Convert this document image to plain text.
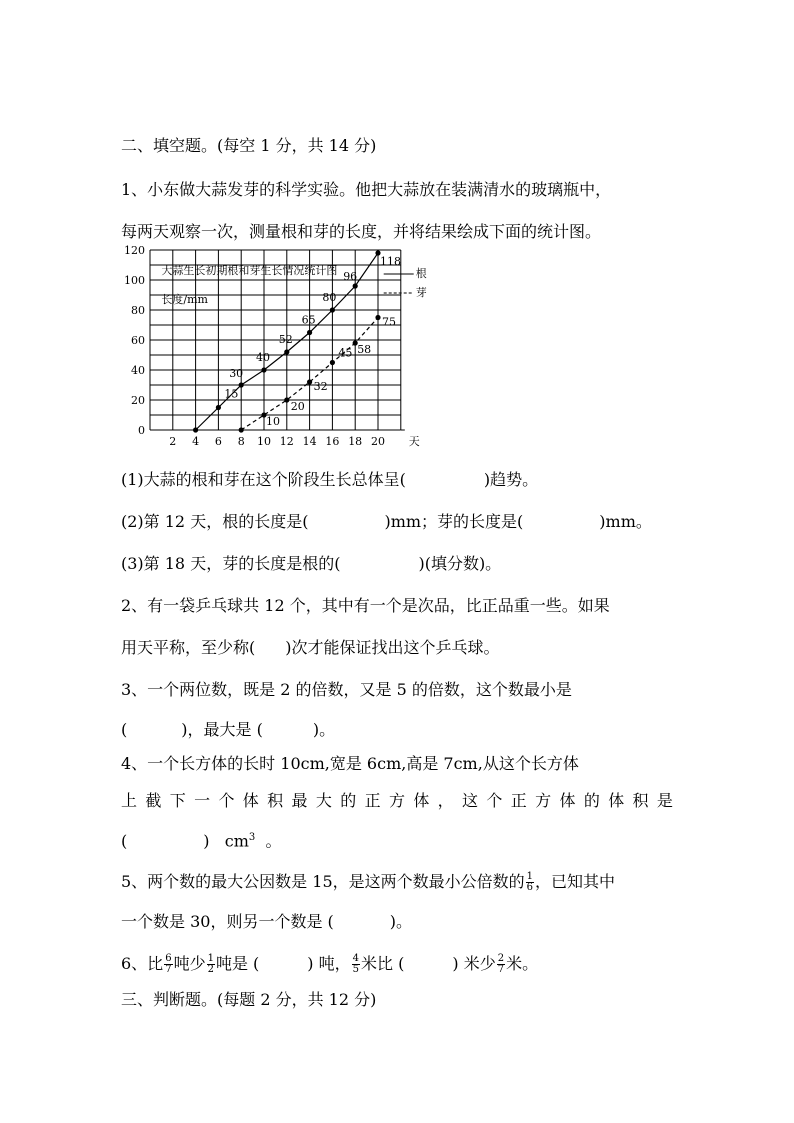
二、填空题。(每空 1 分，共 14 分)
1、小东做大蒜发芽的科学实验。他把大蒜放在装满清水的玻璃瓶中，
每两天观察一次，测量根和芽的长度，并将结果绘成下面的统计图。
0
20
40
60
80
100
120
2 4 6 8 10 12 14 16 18 20 天
大蒜生长初期根和芽生长情况统计图
长度/mm
根
芽
15
30
40
52
65
80
96
118
10
20
32
45 58
75
(1)大蒜的根和芽在这个阶段生长总体呈(	)趋势。
(2)第 12 天，根的长度是(	)mm；芽的长度是(	)mm。
(3)第 18 天，芽的长度是根的(	)(填分数)。
2、有一袋乒乓球共 12 个，其中有一个是次品，比正品重一些。如果
用天平称，至少称( )次才能保证找出这个乒乓球。
3、一个两位数，既是 2 的倍数，又是 5 的倍数，这个数最小是
(	)，最大是 (	)。
4、一个长方体的长时 10cm,宽是 6cm,高是 7cm,从这个长方体
上 截 下 一 个 体 积 最 大 的 正 方 体 ， 这 个 正 方 体 的 体 积 是
(	) $cm^3$ 。
5、两个数的最大公因数是 15，是这两个数最小公倍数的 $\frac{1}{6}$ ，已知其中
一个数是 30，则另一个数是 (	)。
6、比 $\frac{6}{7}$ 吨少 $\frac{1}{2}$ 吨是 (	) 吨， $\frac{4}{5}$ 米比 (	) 米少 $\frac{2}{7}$ 米。
三、判断题。(每题 2 分，共 12 分)
